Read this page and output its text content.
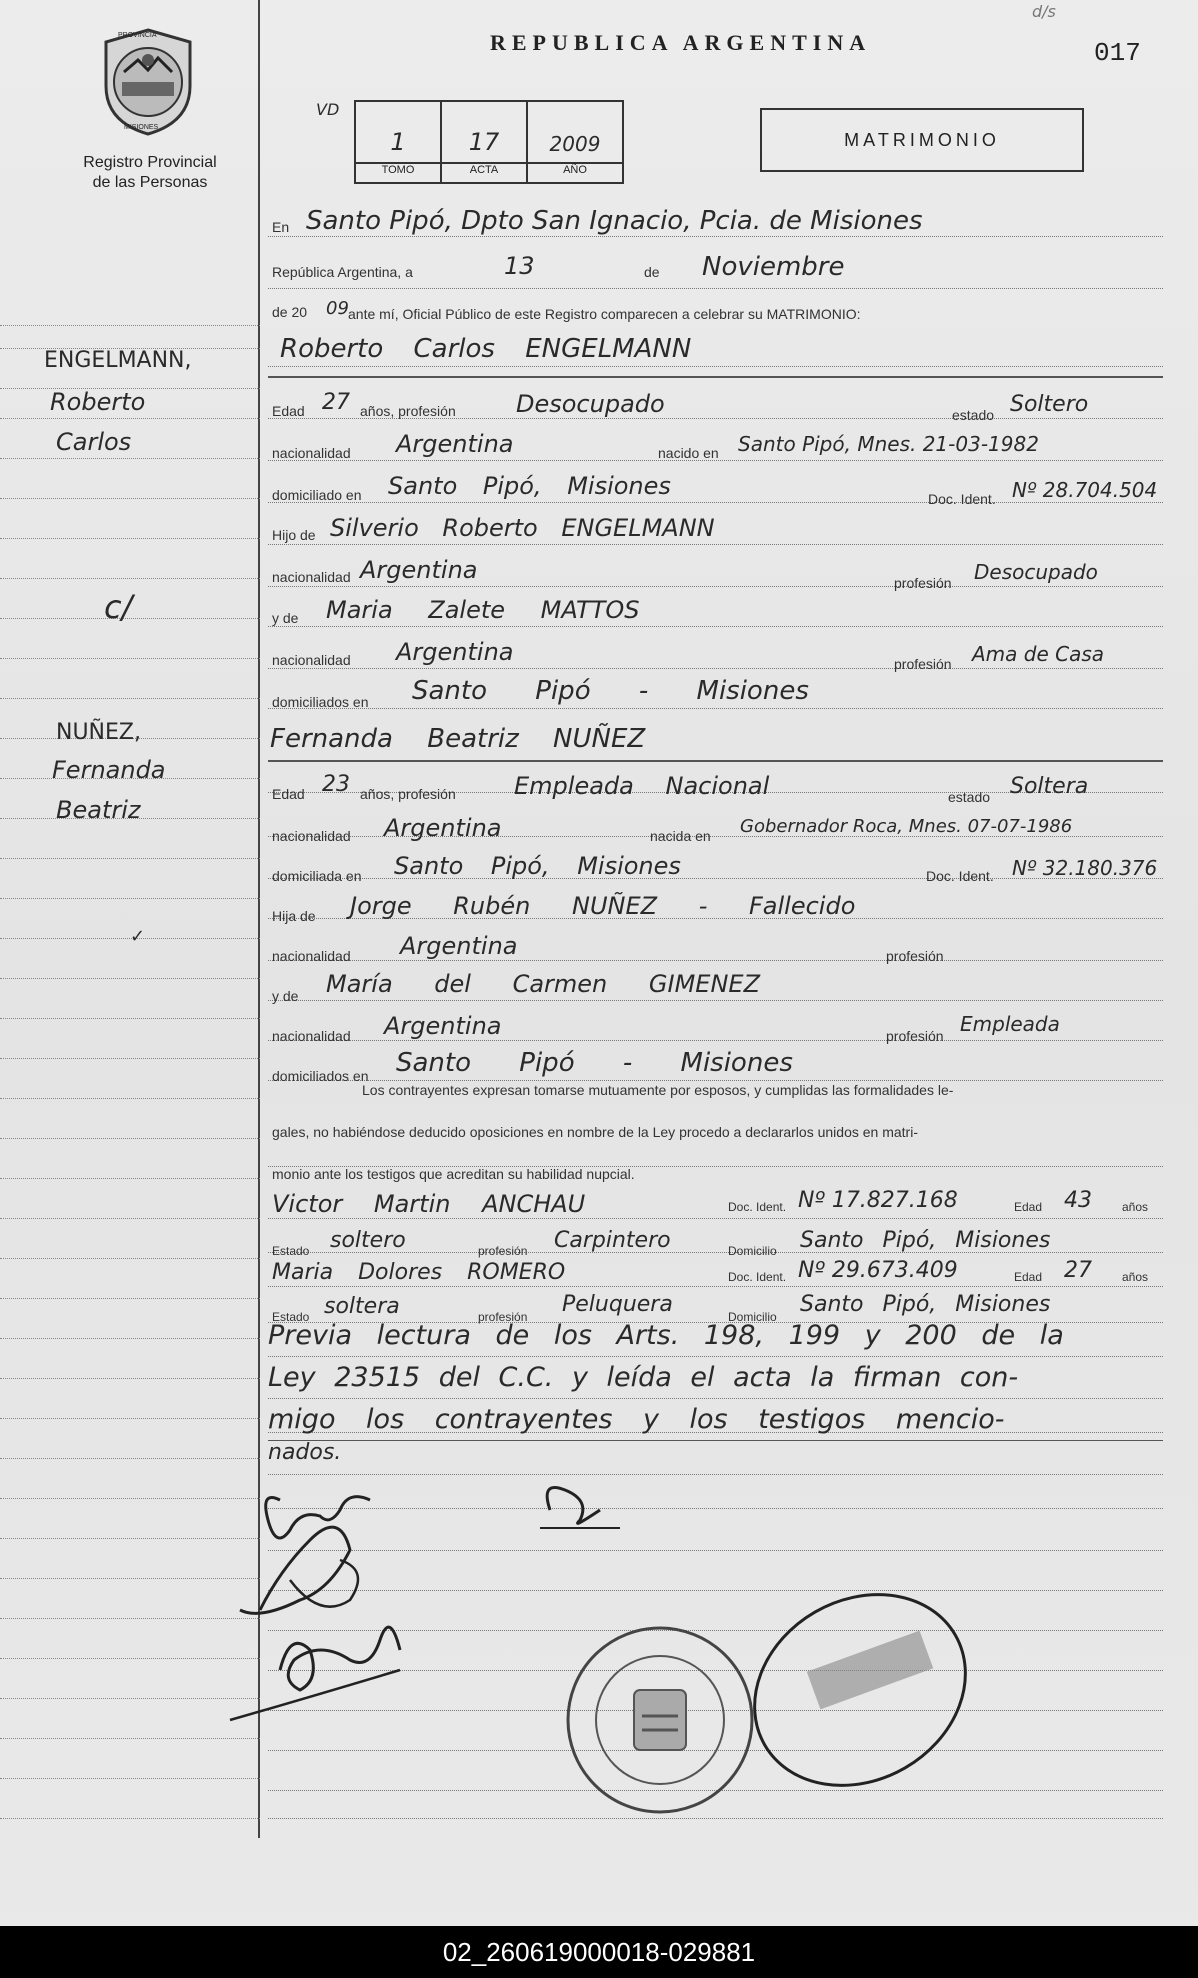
PROVINCIA
MISIONES
Registro Provincial
de las Personas
REPUBLICA ARGENTINA	017
d/s
VD
1	17	2009
TOMO	ACTA	AÑO
MATRIMONIO
ENGELMANN,
Roberto
Carlos
c/
NUÑEZ,
Fernanda
Beatriz
✓
En Santo Pipó, Dpto San Ignacio, Pcia. de Misiones
República Argentina, a	13	de Noviembre
de 20 09 ante mí, Oficial Público de este Registro comparecen a celebrar su MATRIMONIO:
Roberto Carlos ENGELMANN
Edad 27 años, profesión	Desocupado	estado Soltero
nacionalidad Argentina	nacido en Santo Pipó, Mnes. 21-03-1982
domiciliado en Santo Pipó, Misiones	Doc. Ident. Nº 28.704.504
Hijo de Silverio Roberto ENGELMANN
nacionalidad Argentina	profesión Desocupado
y de Maria Zalete MATTOS
nacionalidad Argentina	profesión Ama de Casa
domiciliados en Santo Pipó - Misiones
Fernanda Beatriz NUÑEZ
Edad 23 años, profesión Empleada Nacional	estado Soltera
nacionalidad Argentina	nacida en Gobernador Roca, Mnes. 07-07-1986
domiciliada en Santo Pipó, Misiones	Doc. Ident. Nº 32.180.376
Hija de Jorge Rubén NUÑEZ - Fallecido
nacionalidad Argentina	profesión
y de María del Carmen GIMENEZ
nacionalidad Argentina	profesión Empleada
domiciliados en Santo Pipó - Misiones
Los contrayentes expresan tomarse mutuamente por esposos, y cumplidas las formalidades le-
gales, no habiéndose deducido oposiciones en nombre de la Ley procedo a declararlos unidos en matri-
monio ante los testigos que acreditan su habilidad nupcial.
Victor Martin ANCHAU	Doc. Ident. Nº 17.827.168	Edad 43	años
Estado soltero	profesión Carpintero	Domicilio Santo Pipó, Misiones
Maria Dolores ROMERO	Doc. Ident. Nº 29.673.409	Edad 27	años
Estado soltera	profesión Peluquera	Domicilio Santo Pipó, Misiones
Previa lectura de los Arts. 198, 199 y 200 de la
Ley 23515 del C.C. y leída el acta la firman con-
migo los contrayentes y los testigos mencio-
nados.
02_260619000018-029881
